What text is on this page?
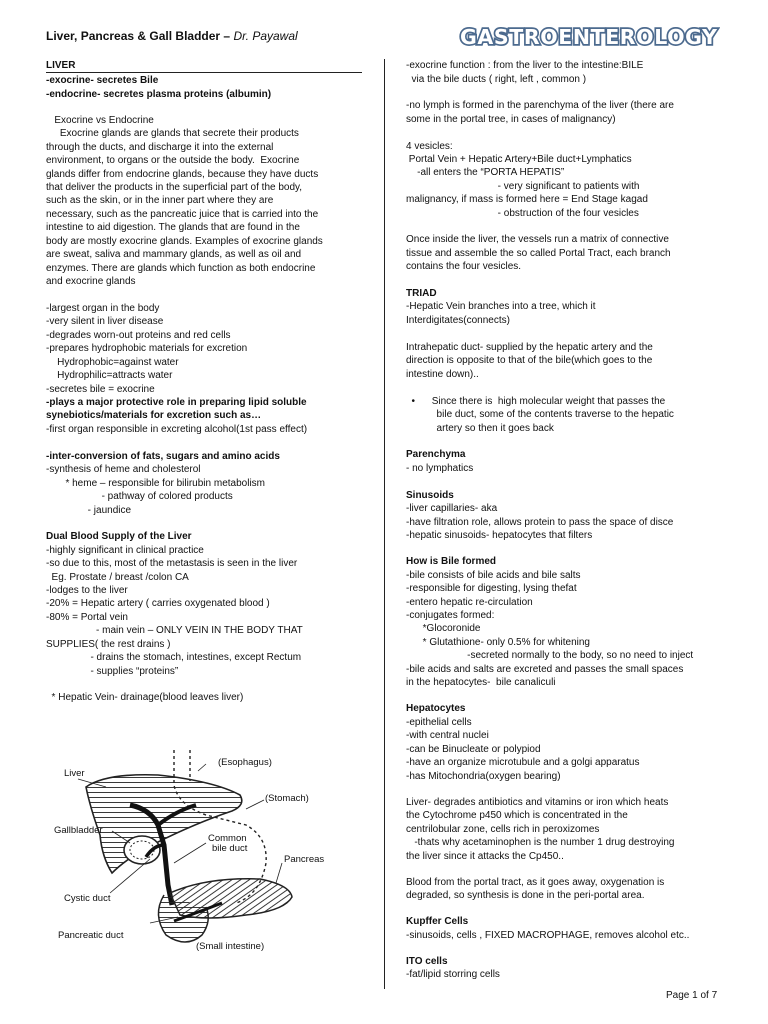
Liver, Pancreas & Gall Bladder – Dr. Payawal	GASTROENTEROLOGY

LIVER

-exocrine- secretes Bile

-endocrine- secretes plasma proteins (albumin)

Exocrine vs Endocrine

Exocrine glands are glands that secrete their products

through the ducts, and discharge it into the external

environment, to organs or the outside the body.  Exocrine

glands differ from endocrine glands, because they have ducts

that deliver the products in the superficial part of the body,

such as the skin, or in the inner part where they are

necessary, such as the pancreatic juice that is carried into the

intestine to aid digestion. The glands that are found in the

body are mostly exocrine glands. Examples of exocrine glands

are sweat, saliva and mammary glands, as well as oil and

enzymes. There are glands which function as both endocrine

and exocrine glands

-largest organ in the body

-very silent in liver disease

-degrades worn-out proteins and red cells

-prepares hydrophobic materials for excretion

Hydrophobic=against water

Hydrophilic=attracts water

-secretes bile = exocrine

-plays a major protective role in preparing lipid soluble

synebiotics/materials for excretion such as…

-first organ responsible in excreting alcohol(1st pass effect)

-inter-conversion of fats, sugars and amino acids

-synthesis of heme and cholesterol

* heme – responsible for bilirubin metabolism

- pathway of colored products

- jaundice

Dual Blood Supply of the Liver

-highly significant in clinical practice

-so due to this, most of the metastasis is seen in the liver

Eg. Prostate / breast /colon CA

-lodges to the liver

-20% = Hepatic artery ( carries oxygenated blood )

-80% = Portal vein

- main vein – ONLY VEIN IN THE BODY THAT

SUPPLIES( the rest drains )

- drains the stomach, intestines, except Rectum

- supplies “proteins”

* Hepatic Vein- drainage(blood leaves liver)

-exocrine function : from the liver to the intestine:BILE

via the bile ducts ( right, left , common )

-no lymph is formed in the parenchyma of the liver (there are

some in the portal tree, in cases of malignancy)

4 vesicles:

Portal Vein + Hepatic Artery+Bile duct+Lymphatics

-all enters the “PORTA HEPATIS”

- very significant to patients with

malignancy, if mass is formed here = End Stage kagad

- obstruction of the four vesicles

Once inside the liver, the vessels run a matrix of connective

tissue and assemble the so called Portal Tract, each branch

contains the four vesicles.

TRIAD

-Hepatic Vein branches into a tree, which it

Interdigitates(connects)

Intrahepatic duct- supplied by the hepatic artery and the

direction is opposite to that of the bile(which goes to the

intestine down)..

•      Since there is  high molecular weight that passes the

bile duct, some of the contents traverse to the hepatic

artery so then it goes back

Parenchyma

- no lymphatics

Sinusoids

-liver capillaries- aka

-have filtration role, allows protein to pass the space of disce

-hepatic sinusoids- hepatocytes that filters

How is Bile formed

-bile consists of bile acids and bile salts

-responsible for digesting, lysing thefat

-entero hepatic re-circulation

-conjugates formed:

*Glocoronide

* Glutathione- only 0.5% for whitening

-secreted normally to the body, so no need to inject

-bile acids and salts are excreted and passes the small spaces

in the hepatocytes-  bile canaliculi

Hepatocytes

-epithelial cells

-with central nuclei

-can be Binucleate or polypiod

-have an organize microtubule and a golgi apparatus

-has Mitochondria(oxygen bearing)

Liver- degrades antibiotics and vitamins or iron which heats

the Cytochrome p450 which is concentrated in the

centrilobular zone, cells rich in peroxizomes

-thats why acetaminophen is the number 1 drug destroying

the liver since it attacks the Cp450..

Blood from the portal tract, as it goes away, oxygenation is

degraded, so synthesis is done in the peri-portal area.

Kupffer Cells

-sinusoids, cells , FIXED MACROPHAGE, removes alcohol etc..

ITO cells

-fat/lipid storring cells

Liver
(Esophagus)
(Stomach)
Gallbladder
Common
bile duct
Pancreas
Cystic duct
Pancreatic duct
(Small intestine)
Page 1 of 7
